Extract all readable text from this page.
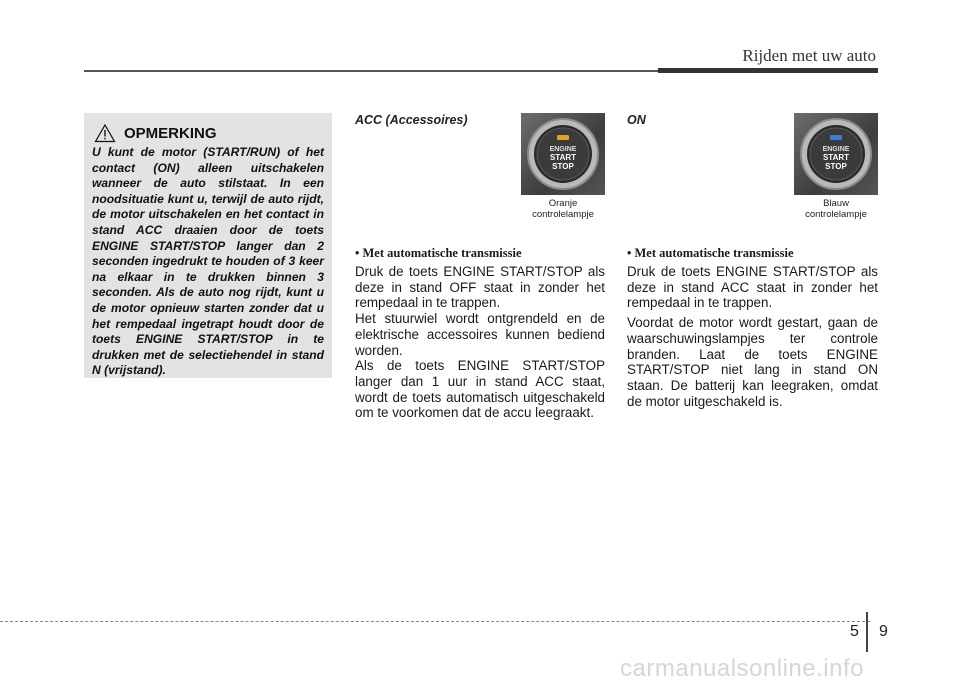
Rijden met uw auto
OPMERKING
U kunt de motor (START/RUN) of het contact (ON) alleen uitschakelen wanneer de auto stilstaat. In een noodsituatie kunt u, terwijl de auto rijdt, de motor uitschakelen en het contact in stand ACC draaien door de toets ENGINE START/STOP langer dan 2 seconden ingedrukt te houden of 3 keer na elkaar in te drukken binnen 3 seconden. Als de auto nog rijdt, kunt u de motor opnieuw starten zonder dat u het rempedaal ingetrapt houdt door de toets ENGINE START/STOP in te drukken met de selectiehendel in stand N (vrijstand).
ACC (Accessoires)
ENGINE
START
STOP
Oranje
controlelampje
• Met automatische transmissie

Druk de toets ENGINE START/STOP als deze in stand OFF staat in zonder het rempedaal in te trappen.

Het stuurwiel wordt ontgrendeld en de elektrische accessoires kunnen bediend worden.

Als de toets ENGINE START/STOP langer dan 1 uur in stand ACC staat, wordt de toets automatisch uitgeschakeld om te voorkomen dat de accu leegraakt.

ON
ENGINE
START
STOP
Blauw
controlelampje
• Met automatische transmissie

Druk de toets ENGINE START/STOP als deze in stand ACC staat in zonder het rempedaal in te trappen.

Voordat de motor wordt gestart, gaan de waarschuwingslampjes ter controle branden. Laat de toets ENGINE START/STOP niet lang in stand ON staan. De batterij kan leegraken, omdat de motor uitgeschakeld is.

5 9
carmanualsonline.info
